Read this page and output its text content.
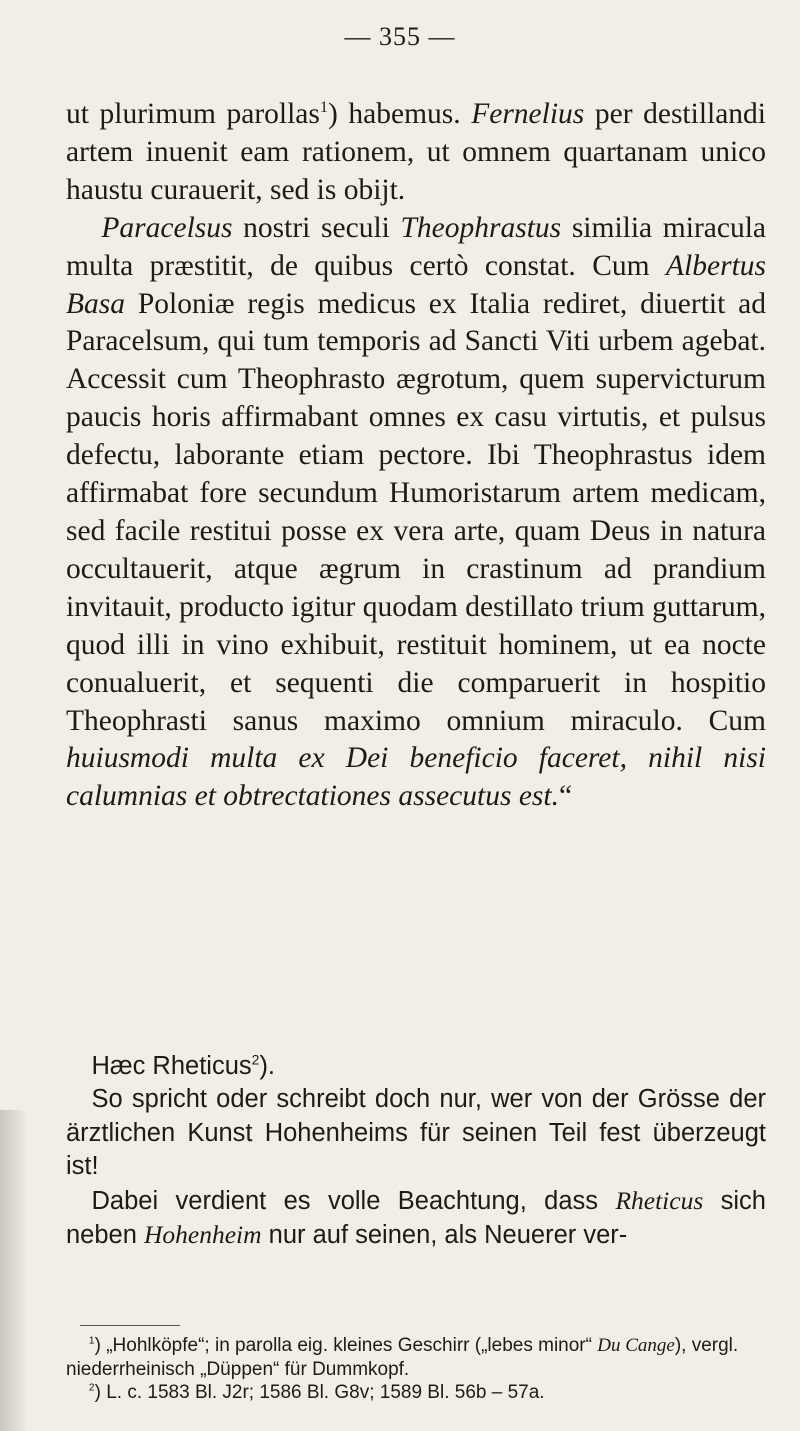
— 355 —

ut plurimum parollas$^1$) habemus. Fernelius per destillandi artem inuenit eam rationem, ut omnem quartanam unico haustu curauerit, sed is obijt.

Paracelsus nostri seculi Theophrastus similia miracula multa præstitit, de quibus certò constat. Cum Albertus Basa Poloniæ regis medicus ex Italia rediret, diuertit ad Paracelsum, qui tum temporis ad Sancti Viti urbem agebat. Accessit cum Theophrasto ægrotum, quem supervicturum paucis horis affirmabant omnes ex casu virtutis, et pulsus defectu, laborante etiam pectore. Ibi Theophrastus idem affirmabat fore secundum Humoristarum artem medicam, sed facile restitui posse ex vera arte, quam Deus in natura occultauerit, atque ægrum in crastinum ad prandium invitauit, producto igitur quodam destillato trium guttarum, quod illi in vino exhibuit, restituit hominem, ut ea nocte conualuerit, et sequenti die comparuerit in hospitio Theophrasti sanus maximo omnium miraculo. Cum huiusmodi multa ex Dei beneficio faceret, nihil nisi calumnias et obtrectationes assecutus est.“

Hæc Rheticus$^2$).

So spricht oder schreibt doch nur, wer von der Grösse der ärztlichen Kunst Hohenheims für seinen Teil fest überzeugt ist!

Dabei verdient es volle Beachtung, dass Rheticus sich neben Hohenheim nur auf seinen, als Neuerer ver-

$^1$) „Hohlköpfe“; in parolla eig. kleines Geschirr („lebes minor“ Du Cange), vergl. niederrheinisch „Düppen“ für Dummkopf.

$^2$) L. c. 1583 Bl. J2r; 1586 Bl. G8v; 1589 Bl. 56b – 57a.
